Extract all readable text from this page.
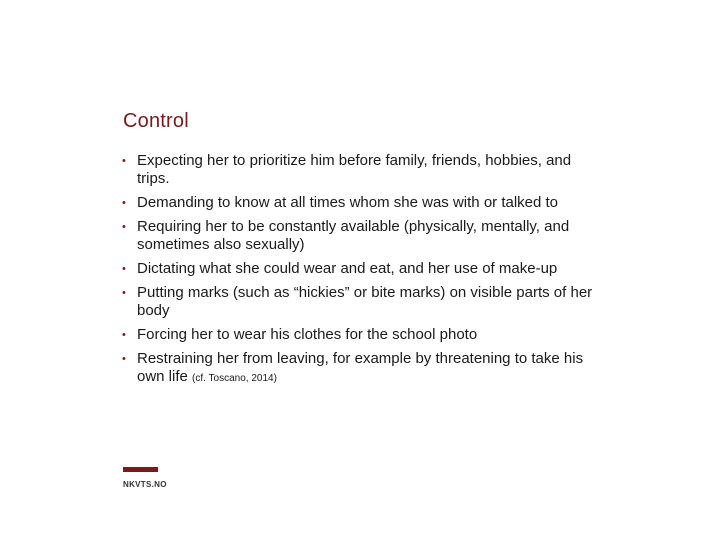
Control
• Expecting her to prioritize him before family, friends, hobbies, and trips.
• Demanding to know at all times whom she was with or talked to
• Requiring her to be constantly available (physically, mentally, and sometimes also sexually)
• Dictating what she could wear and eat, and her use of make-up
• Putting marks (such as “hickies” or bite marks) on visible parts of her body
• Forcing her to wear his clothes for the school photo
• Restraining her from leaving, for example by threatening to take his own life (cf. Toscano, 2014)
NKVTS.NO
